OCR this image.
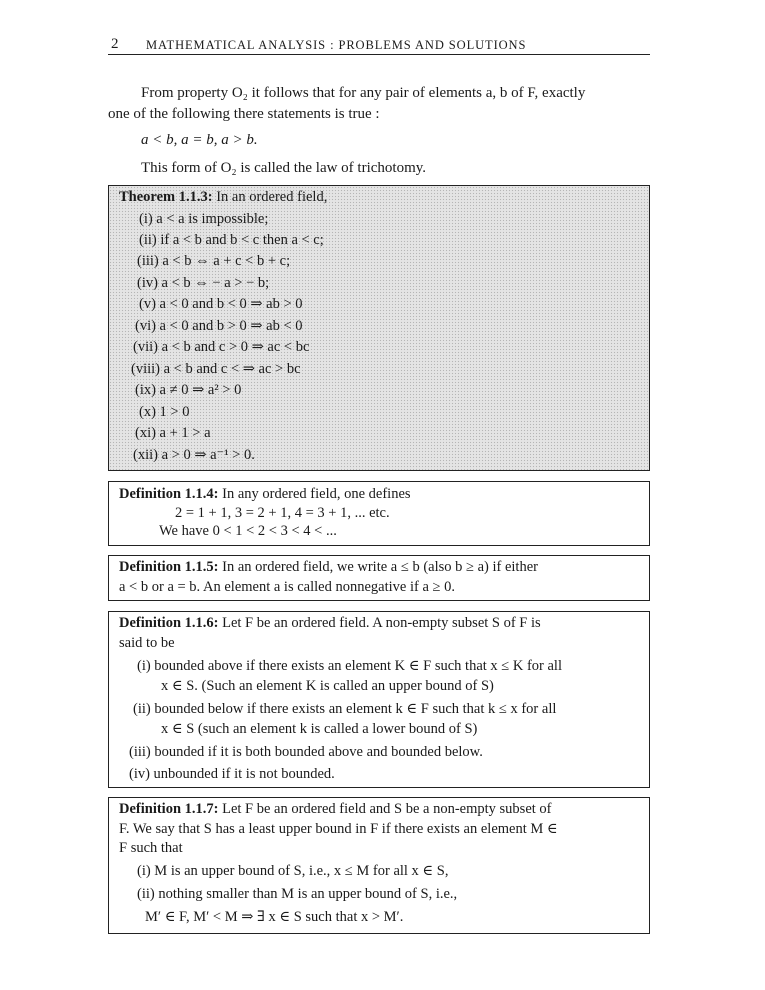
2 MATHEMATICAL ANALYSIS : PROBLEMS AND SOLUTIONS
From property O₂ it follows that for any pair of elements a, b of F, exactly
one of the following there statements is true :
a < b, a = b, a > b.
This form of O₂ is called the law of trichotomy.
Theorem 1.1.3: In an ordered field,
(i) a < a is impossible;
(ii) if a < b and b < c then a < c;
(iii) a < b ⇔ a + c < b + c;
(iv) a < b ⇔ − a > − b;
(v) a < 0 and b < 0 ⇒ ab > 0
(vi) a < 0 and b > 0 ⇒ ab < 0
(vii) a < b and c > 0 ⇒ ac < bc
(viii) a < b and c < ⇒ ac > bc
(ix) a ≠ 0 ⇒ a² > 0
(x) 1 > 0
(xi) a + 1 > a
(xii) a > 0 ⇒ a⁻¹ > 0.
Definition 1.1.4: In any ordered field, one defines
2 = 1 + 1, 3 = 2 + 1, 4 = 3 + 1, ... etc.
We have 0 < 1 < 2 < 3 < 4 < ...
Definition 1.1.5: In an ordered field, we write a ≤ b (also b ≥ a) if either
a < b or a = b. An element a is called nonnegative if a ≥ 0.
Definition 1.1.6: Let F be an ordered field. A non-empty subset S of F is
said to be
(i) bounded above if there exists an element K ∈ F such that x ≤ K for all
x ∈ S. (Such an element K is called an upper bound of S)
(ii) bounded below if there exists an element k ∈ F such that k ≤ x for all
x ∈ S (such an element k is called a lower bound of S)
(iii) bounded if it is both bounded above and bounded below.
(iv) unbounded if it is not bounded.
Definition 1.1.7: Let F be an ordered field and S be a non-empty subset of
F. We say that S has a least upper bound in F if there exists an element M ∈
F such that
(i) M is an upper bound of S, i.e., x ≤ M for all x ∈ S,
(ii) nothing smaller than M is an upper bound of S, i.e.,
M′ ∈ F, M′ < M ⇒ ∃ x ∈ S such that x > M′.
